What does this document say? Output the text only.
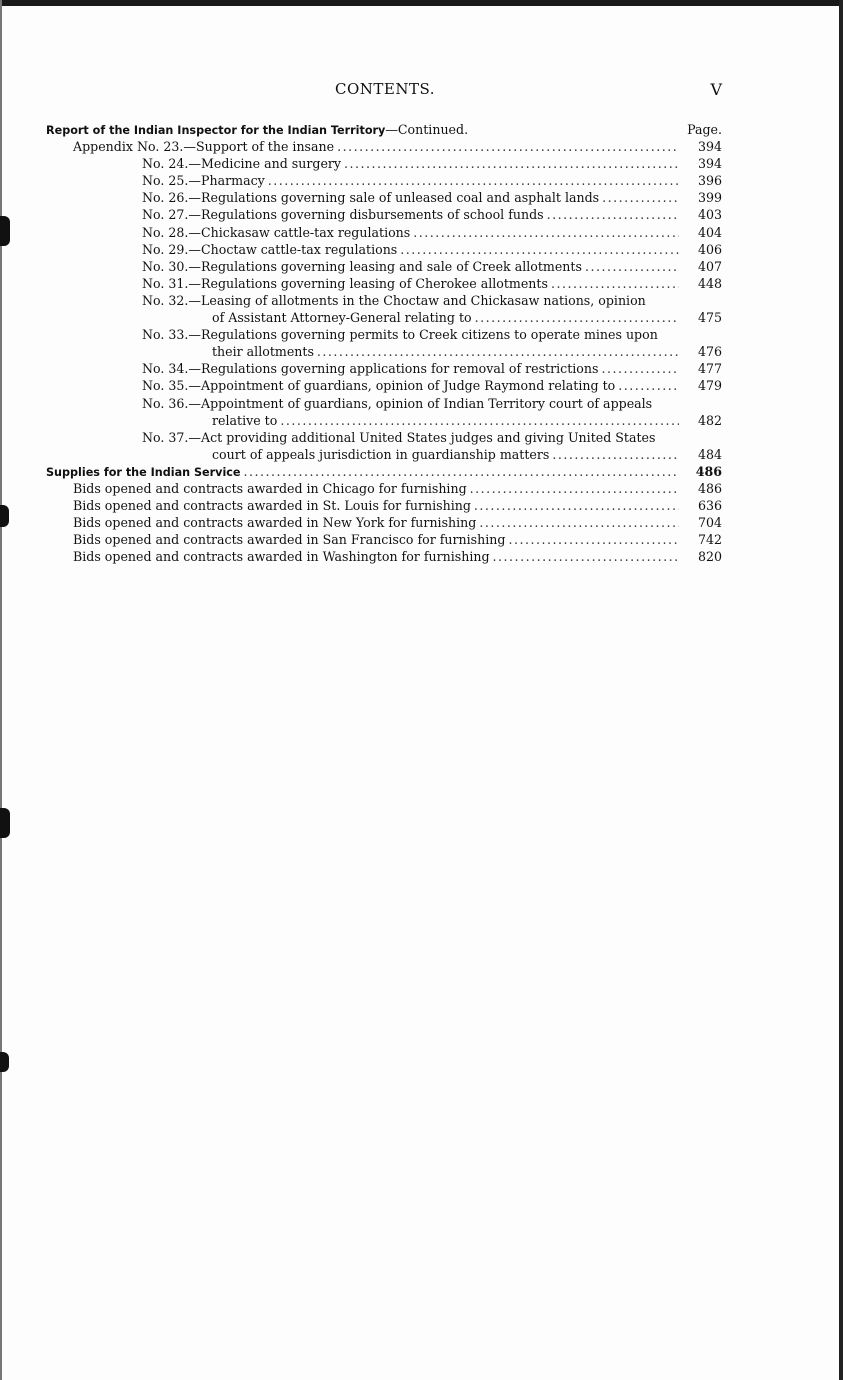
CONTENTS.	V
Report of the Indian Inspector for the Indian Territory—Continued.	Page.
Appendix No. 23.—Support of the insane .....	394
No. 24.—Medicine and surgery .....	394
No. 25.—Pharmacy .....	396
No. 26.—Regulations governing sale of unleased coal and asphalt lands .....	399
No. 27.—Regulations governing disbursements of school funds .....	403
No. 28.—Chickasaw cattle-tax regulations .....	404
No. 29.—Choctaw cattle-tax regulations .....	406
No. 30.—Regulations governing leasing and sale of Creek allotments .....	407
No. 31.—Regulations governing leasing of Cherokee allotments .....	448
No. 32.—Leasing of allotments in the Choctaw and Chickasaw nations, opinion
of Assistant Attorney-General relating to .....	475
No. 33.—Regulations governing permits to Creek citizens to operate mines upon
their allotments .....	476
No. 34.—Regulations governing applications for removal of restrictions .....	477
No. 35.—Appointment of guardians, opinion of Judge Raymond relating to .....	479
No. 36.—Appointment of guardians, opinion of Indian Territory court of appeals
relative to .....	482
No. 37.—Act providing additional United States judges and giving United States
court of appeals jurisdiction in guardianship matters .....	484
Supplies for the Indian Service .....	486
Bids opened and contracts awarded in Chicago for furnishing .....	486
Bids opened and contracts awarded in St. Louis for furnishing .....	636
Bids opened and contracts awarded in New York for furnishing .....	704
Bids opened and contracts awarded in San Francisco for furnishing .....	742
Bids opened and contracts awarded in Washington for furnishing .....	820
